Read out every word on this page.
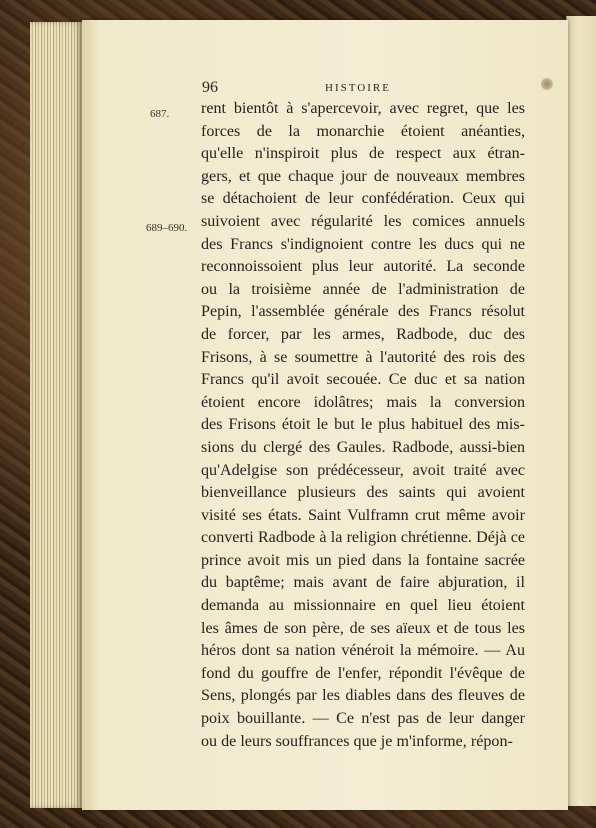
96	HISTOIRE
687.
689–690.
rent bientôt à s'apercevoir, avec regret, que les
forces de la monarchie étoient anéanties,
qu'elle n'inspiroit plus de respect aux étran-
gers, et que chaque jour de nouveaux membres
se détachoient de leur confédération. Ceux qui
suivoient avec régularité les comices annuels
des Francs s'indignoient contre les ducs qui ne
reconnoissoient plus leur autorité. La seconde
ou la troisième année de l'administration de
Pepin, l'assemblée générale des Francs résolut
de forcer, par les armes, Radbode, duc des
Frisons, à se soumettre à l'autorité des rois des
Francs qu'il avoit secouée. Ce duc et sa nation
étoient encore idolâtres; mais la conversion
des Frisons étoit le but le plus habituel des mis-
sions du clergé des Gaules. Radbode, aussi-bien
qu'Adelgise son prédécesseur, avoit traité avec
bienveillance plusieurs des saints qui avoient
visité ses états. Saint Vulframn crut même avoir
converti Radbode à la religion chrétienne. Déjà ce
prince avoit mis un pied dans la fontaine sacrée
du baptême; mais avant de faire abjuration, il
demanda au missionnaire en quel lieu étoient
les âmes de son père, de ses aïeux et de tous les
héros dont sa nation vénéroit la mémoire. — Au
fond du gouffre de l'enfer, répondit l'évêque de
Sens, plongés par les diables dans des fleuves de
poix bouillante. — Ce n'est pas de leur danger
ou de leurs souffrances que je m'informe, répon-
